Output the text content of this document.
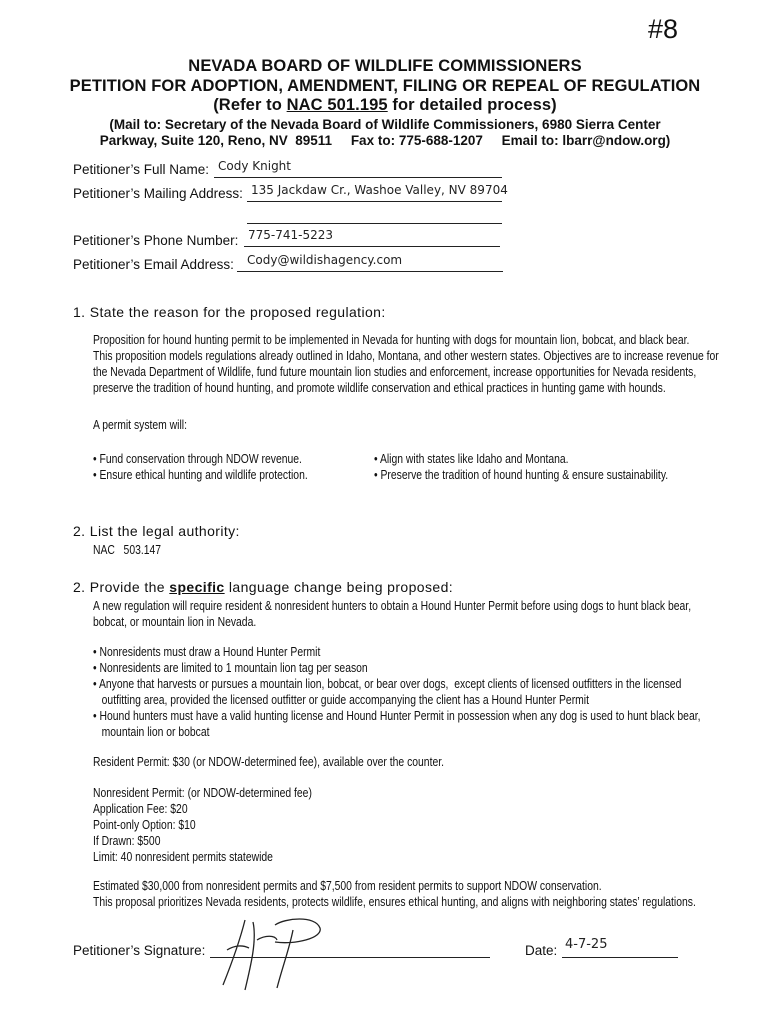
#8
NEVADA BOARD OF WILDLIFE COMMISSIONERS
PETITION FOR ADOPTION, AMENDMENT, FILING OR REPEAL OF REGULATION
(Refer to NAC 501.195 for detailed process)
(Mail to: Secretary of the Nevada Board of Wildlife Commissioners, 6980 Sierra Center
Parkway, Suite 120, Reno, NV  89511     Fax to: 775-688-1207     Email to: lbarr@ndow.org)
Petitioner’s Full Name: Cody Knight
Petitioner’s Mailing Address: 135 Jackdaw Cr., Washoe Valley, NV 89704
Petitioner’s Phone Number: 775-741-5223
Petitioner’s Email Address: Cody@wildishagency.com
1. State the reason for the proposed regulation:
Proposition for hound hunting permit to be implemented in Nevada for hunting with dogs for mountain lion, bobcat, and black bear.
This proposition models regulations already outlined in Idaho, Montana, and other western states. Objectives are to increase revenue for
the Nevada Department of Wildlife, fund future mountain lion studies and enforcement, increase opportunities for Nevada residents,
preserve the tradition of hound hunting, and promote wildlife conservation and ethical practices in hunting game with hounds.
A permit system will:
• Fund conservation through NDOW revenue.
• Ensure ethical hunting and wildlife protection.
• Align with states like Idaho and Montana.
• Preserve the tradition of hound hunting & ensure sustainability.
2. List the legal authority:
NAC   503.147
2. Provide the specific language change being proposed:
A new regulation will require resident & nonresident hunters to obtain a Hound Hunter Permit before using dogs to hunt black bear,
bobcat, or mountain lion in Nevada.
• Nonresidents must draw a Hound Hunter Permit
• Nonresidents are limited to 1 mountain lion tag per season
• Anyone that harvests or pursues a mountain lion, bobcat, or bear over dogs,  except clients of licensed outfitters in the licensed
outfitting area, provided the licensed outfitter or guide accompanying the client has a Hound Hunter Permit
• Hound hunters must have a valid hunting license and Hound Hunter Permit in possession when any dog is used to hunt black bear,
mountain lion or bobcat
Resident Permit: $30 (or NDOW-determined fee), available over the counter.
Nonresident Permit: (or NDOW-determined fee)
Application Fee: $20
Point-only Option: $10
If Drawn: $500
Limit: 40 nonresident permits statewide
Estimated $30,000 from nonresident permits and $7,500 from resident permits to support NDOW conservation.
This proposal prioritizes Nevada residents, protects wildlife, ensures ethical hunting, and aligns with neighboring states’ regulations.
Petitioner’s Signature:	Date: 4-7-25
